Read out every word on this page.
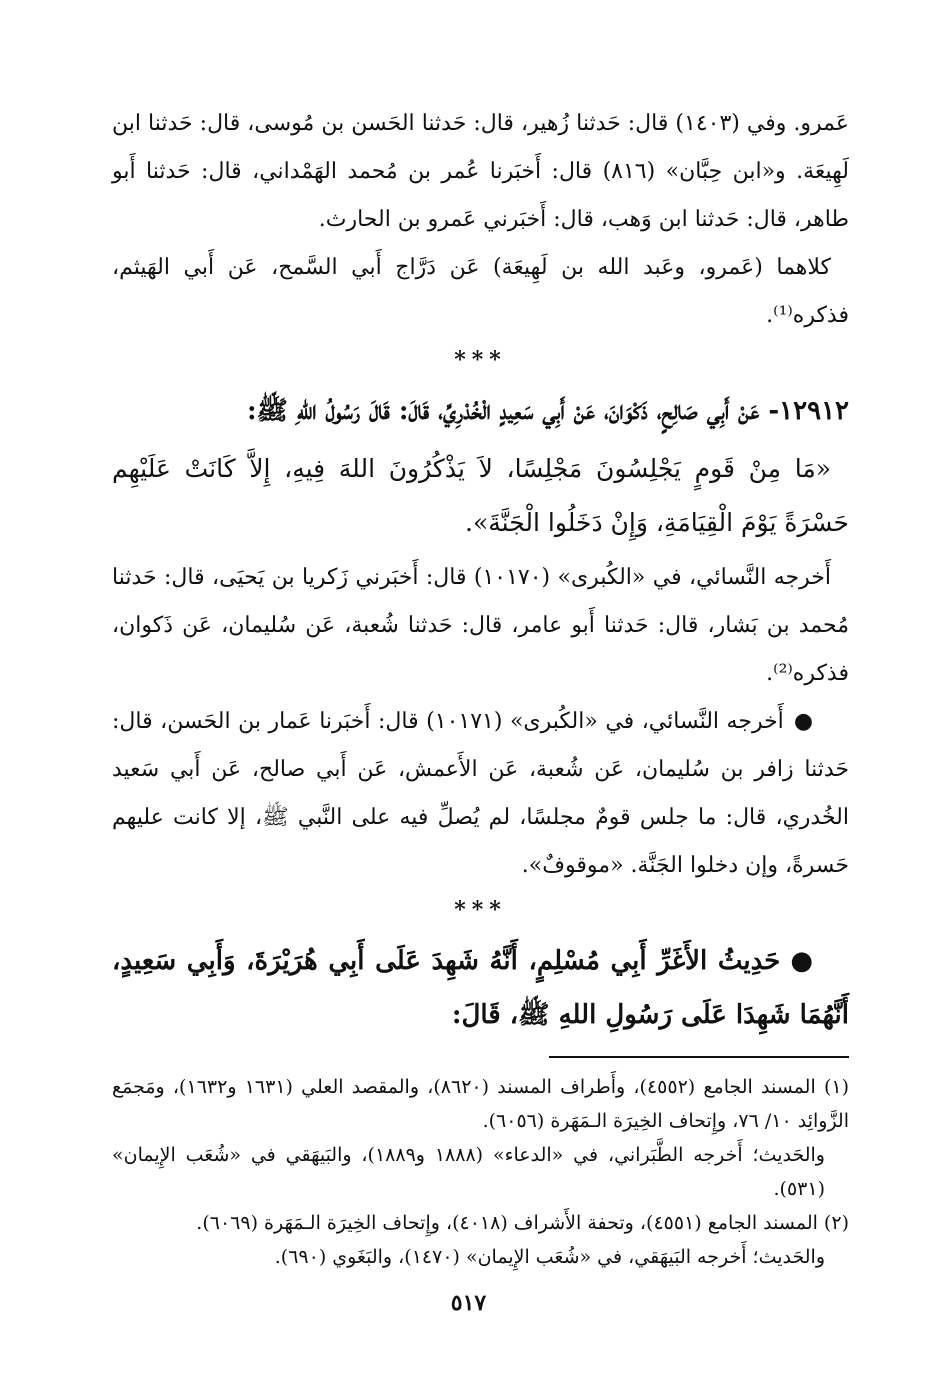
عَمرو. وفي (١٤٠٣) قال: حَدثنا زُهير، قال: حَدثنا الحَسن بن مُوسى، قال: حَدثنا ابن لَهِيعَة. و«ابن حِبَّان» (٨١٦) قال: أَخبَرنا عُمر بن مُحمد الهَمْداني، قال: حَدثنا أَبو طاهر، قال: حَدثنا ابن وَهب، قال: أَخبَرني عَمرو بن الحارث.

كلاهما (عَمرو، وعَبد الله بن لَهِيعَة) عَن دَرَّاج أَبي السَّمح، عَن أَبي الهَيثم، فذكره⁽¹⁾.

***

١٢٩١٢- عَنْ أَبِي صَالِحٍ، ذَكْوَانَ، عَنْ أَبِي سَعِيدٍ الْخُدْرِيِّ، قَالَ: قَالَ رَسُولُ اللهِ ﷺ:

«مَا مِنْ قَومٍ يَجْلِسُونَ مَجْلِسًا، لاَ يَذْكُرُونَ اللهَ فِيهِ، إِلاَّ كَانَتْ عَلَيْهِم حَسْرَةً يَوْمَ الْقِيَامَةِ، وَإِنْ دَخَلُوا الْجَنَّةَ».

أَخرجه النَّسائي، في «الكُبرى» (١٠١٧٠) قال: أَخبَرني زَكريا بن يَحيَى، قال: حَدثنا مُحمد بن بَشار، قال: حَدثنا أَبو عامر، قال: حَدثنا شُعبة، عَن سُليمان، عَن ذَكوان، فذكره⁽²⁾.

●أَخرجه النَّسائي، في «الكُبرى» (١٠١٧١) قال: أَخبَرنا عَمار بن الحَسن، قال: حَدثنا زافر بن سُليمان، عَن شُعبة، عَن الأَعمش، عَن أَبي صالح، عَن أَبي سَعيد الخُدري، قال: ما جلس قومٌ مجلسًا، لم يُصلِّ فيه على النَّبي ﷺ، إلا كانت عليهم حَسرةً، وإن دخلوا الجَنَّة. «موقوفٌ».

***

●حَدِيثُ الأَغَرِّ أَبِي مُسْلِمٍ، أَنَّهُ شَهِدَ عَلَى أَبِي هُرَيْرَةَ، وَأَبِي سَعِيدٍ، أَنَّهُمَا شَهِدَا عَلَى رَسُولِ اللهِ ﷺ، قَالَ:

(١) المسند الجامع (٤٥٥٢)، وأَطراف المسند (٨٦٢٠)، والمقصد العلي (١٦٣١ و١٦٣٢)، ومَجمَع الزَّوائِد ١٠/ ٧٦، وإِتحاف الخِيرَة الـمَهَرة (٦٠٥٦).

والحَديث؛ أَخرجه الطَّبَراني، في «الدعاء» (١٨٨٨ و١٨٨٩)، والبَيهَقي في «شُعَب الإِيمان» (٥٣١).

(٢) المسند الجامع (٤٥٥١)، وتحفة الأَشراف (٤٠١٨)، وإِتحاف الخِيرَة الـمَهَرة (٦٠٦٩).

والحَديث؛ أَخرجه البَيهَقي، في «شُعَب الإِيمان» (١٤٧٠)، والبَغَوي (٦٩٠).

٥١٧
